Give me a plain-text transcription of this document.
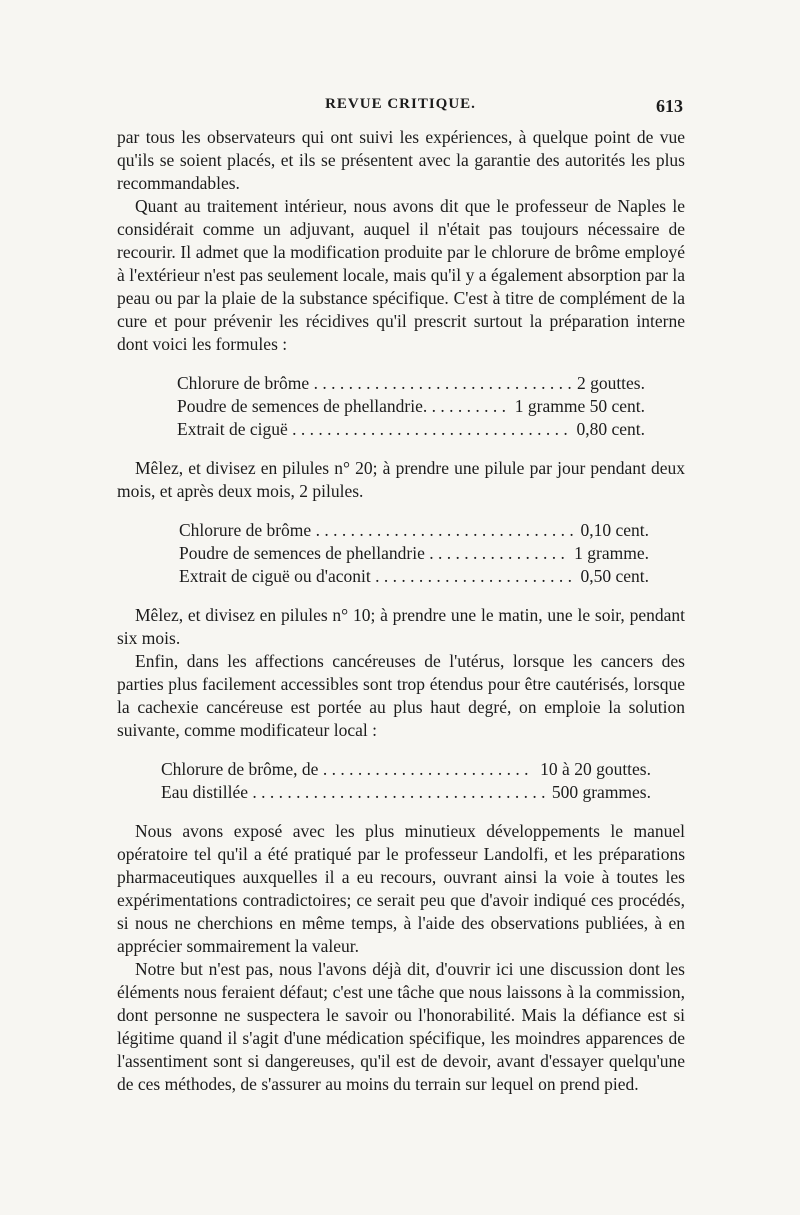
REVUE CRITIQUE.	613

par tous les observateurs qui ont suivi les expériences, à quelque point de vue qu'ils se soient placés, et ils se présentent avec la garantie des autorités les plus recommandables.

Quant au traitement intérieur, nous avons dit que le professeur de Naples le considérait comme un adjuvant, auquel il n'était pas toujours nécessaire de recourir. Il admet que la modification produite par le chlorure de brôme employé à l'extérieur n'est pas seulement locale, mais qu'il y a également absorption par la peau ou par la plaie de la substance spécifique. C'est à titre de complément de la cure et pour prévenir les récidives qu'il prescrit surtout la préparation interne dont voici les formules :

Chlorure de brôme . . .	2 gouttes.
Poudre de semences de phellandrie. . . .	1 gramme 50 cent.
Extrait de ciguë . . .	0,80 cent.

Mêlez, et divisez en pilules n° 20; à prendre une pilule par jour pendant deux mois, et après deux mois, 2 pilules.

Chlorure de brôme . . .	0,10 cent.
Poudre de semences de phellandrie . . .	1 gramme.
Extrait de ciguë ou d'aconit . . .	0,50 cent.

Mêlez, et divisez en pilules n° 10; à prendre une le matin, une le soir, pendant six mois.

Enfin, dans les affections cancéreuses de l'utérus, lorsque les cancers des parties plus facilement accessibles sont trop étendus pour être cautérisés, lorsque la cachexie cancéreuse est portée au plus haut degré, on emploie la solution suivante, comme modificateur local :

Chlorure de brôme, de . . .	10 à 20 gouttes.
Eau distillée . . .	500 grammes.

Nous avons exposé avec les plus minutieux développements le manuel opératoire tel qu'il a été pratiqué par le professeur Landolfi, et les préparations pharmaceutiques auxquelles il a eu recours, ouvrant ainsi la voie à toutes les expérimentations contradictoires; ce serait peu que d'avoir indiqué ces procédés, si nous ne cherchions en même temps, à l'aide des observations publiées, à en apprécier sommairement la valeur.

Notre but n'est pas, nous l'avons déjà dit, d'ouvrir ici une discussion dont les éléments nous feraient défaut; c'est une tâche que nous laissons à la commission, dont personne ne suspectera le savoir ou l'honorabilité. Mais la défiance est si légitime quand il s'agit d'une médication spécifique, les moindres apparences de l'assentiment sont si dangereuses, qu'il est de devoir, avant d'essayer quelqu'une de ces méthodes, de s'assurer au moins du terrain sur lequel on prend pied.
